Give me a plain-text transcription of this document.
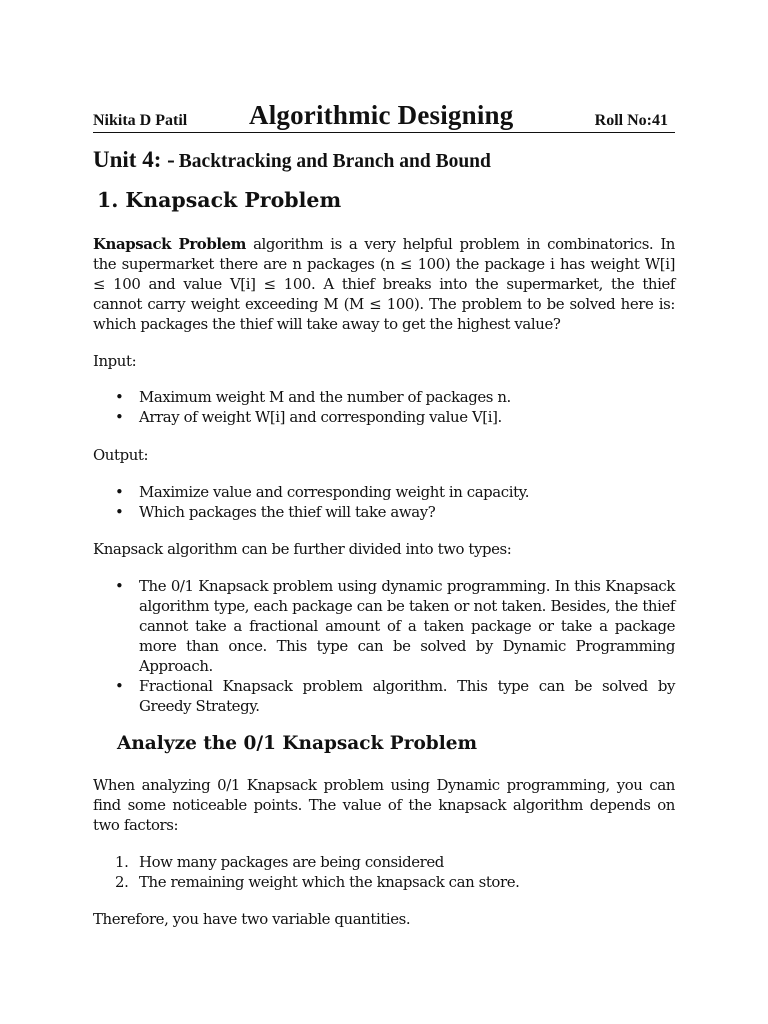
Nikita D Patil Algorithmic Designing	Roll No:41
Unit 4: - Backtracking and Branch and Bound
1. Knapsack Problem
Knapsack Problem algorithm is a very helpful problem in combinatorics. In the supermarket there are n packages (n ≤ 100) the package i has weight W[i] ≤ 100 and value V[i] ≤ 100. A thief breaks into the supermarket, the thief cannot carry weight exceeding M (M ≤ 100). The problem to be solved here is: which packages the thief will take away to get the highest value?
Input:
• Maximum weight M and the number of packages n.
• Array of weight W[i] and corresponding value V[i].
Output:
• Maximize value and corresponding weight in capacity.
• Which packages the thief will take away?
Knapsack algorithm can be further divided into two types:
• The 0/1 Knapsack problem using dynamic programming. In this Knapsack algorithm type, each package can be taken or not taken. Besides, the thief cannot take a fractional amount of a taken package or take a package more than once. This type can be solved by Dynamic Programming Approach.
• Fractional Knapsack problem algorithm. This type can be solved by Greedy Strategy.
Analyze the 0/1 Knapsack Problem
When analyzing 0/1 Knapsack problem using Dynamic programming, you can find some noticeable points. The value of the knapsack algorithm depends on two factors:
1. How many packages are being considered
2. The remaining weight which the knapsack can store.
Therefore, you have two variable quantities.
